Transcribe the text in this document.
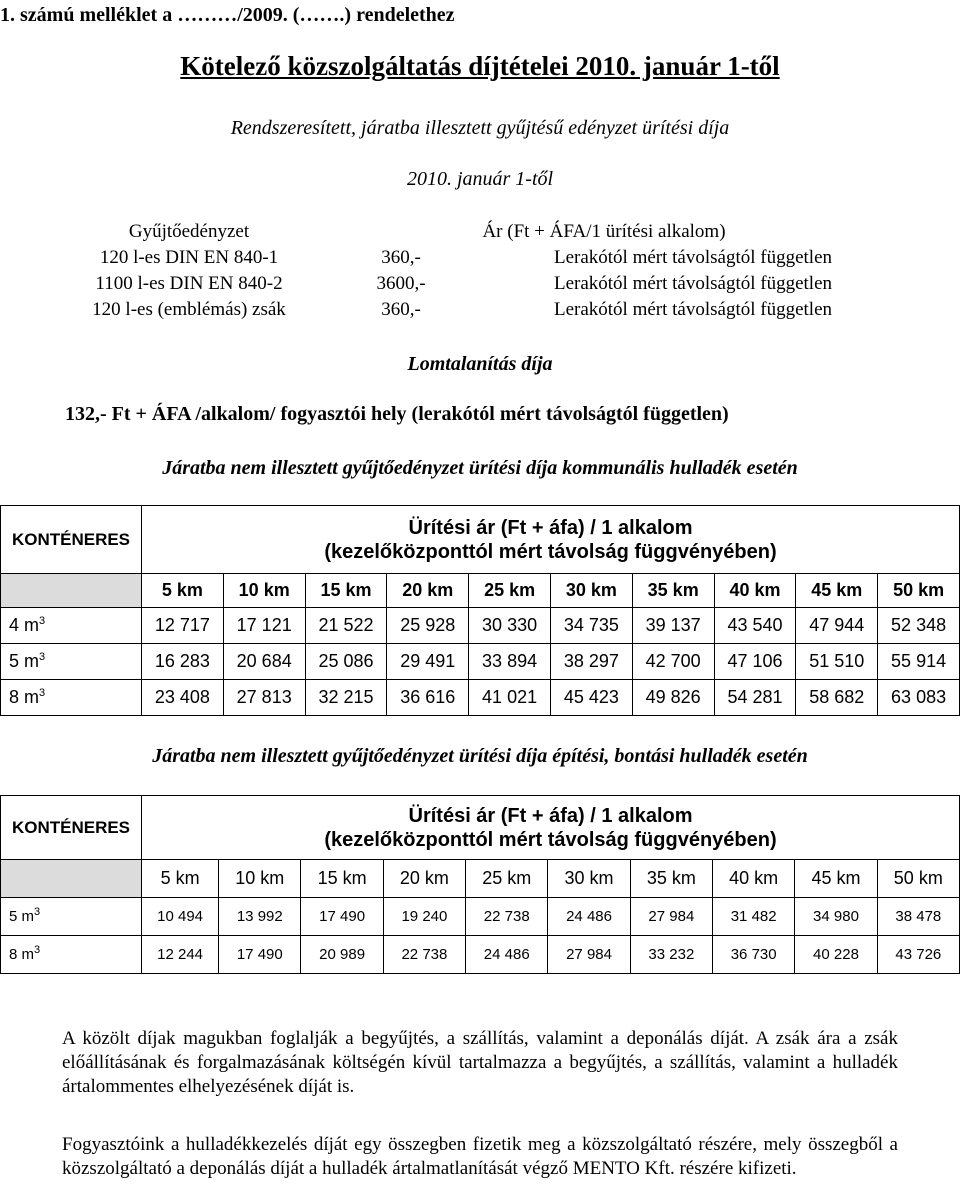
1. számú melléklet a ………/2009. (…….) rendelethez
Kötelező közszolgáltatás díjtételei 2010. január 1-től
Rendszeresített, járatba illesztett gyűjtésű edényzet ürítési díja
2010. január 1-től
Gyűjtőedényzet	Ár (Ft + ÁFA/1 ürítési alkalom)	
120 l-es DIN EN 840-1	360,-	Lerakótól mért távolságtól független
1100 l-es DIN EN 840-2	3600,-	Lerakótól mért távolságtól független
120 l-es (emblémás) zsák	360,-	Lerakótól mért távolságtól független
Lomtalanítás díja
132,- Ft + ÁFA /alkalom/ fogyasztói hely (lerakótól mért távolságtól független)
Járatba nem illesztett gyűjtőedényzet ürítési díja kommunális hulladék esetén
KONTÉNERES	Ürítési ár (Ft + áfa) / 1 alkalom
(kezelőközponttól mért távolság függvényében)									

	5 km	10 km	15 km	20 km	25 km	30 km	35 km	40 km	45 km	50 km
4 $m^3$	12 717	17 121	21 522	25 928	30 330	34 735	39 137	43 540	47 944	52 348
5 $m^3$	16 283	20 684	25 086	29 491	33 894	38 297	42 700	47 106	51 510	55 914
8 $m^3$	23 408	27 813	32 215	36 616	41 021	45 423	49 826	54 281	58 682	63 083
Járatba nem illesztett gyűjtőedényzet ürítési díja építési, bontási hulladék esetén
KONTÉNERES	Ürítési ár (Ft + áfa) / 1 alkalom
(kezelőközponttól mért távolság függvényében)									

	5 km	10 km	15 km	20 km	25 km	30 km	35 km	40 km	45 km	50 km
5 $m^3$	10 494	13 992	17 490	19 240	22 738	24 486	27 984	31 482	34 980	38 478
8 $m^3$	12 244	17 490	20 989	22 738	24 486	27 984	33 232	36 730	40 228	43 726
A közölt díjak magukban foglalják a begyűjtés, a szállítás, valamint a deponálás díját. A zsák ára a zsák előállításának és forgalmazásának költségén kívül tartalmazza a begyűjtés, a szállítás, valamint a hulladék ártalommentes elhelyezésének díját is.
Fogyasztóink a hulladékkezelés díját egy összegben fizetik meg a közszolgáltató részére, mely összegből a közszolgáltató a deponálás díját a hulladék ártalmatlanítását végző MENTO Kft. részére kifizeti.
